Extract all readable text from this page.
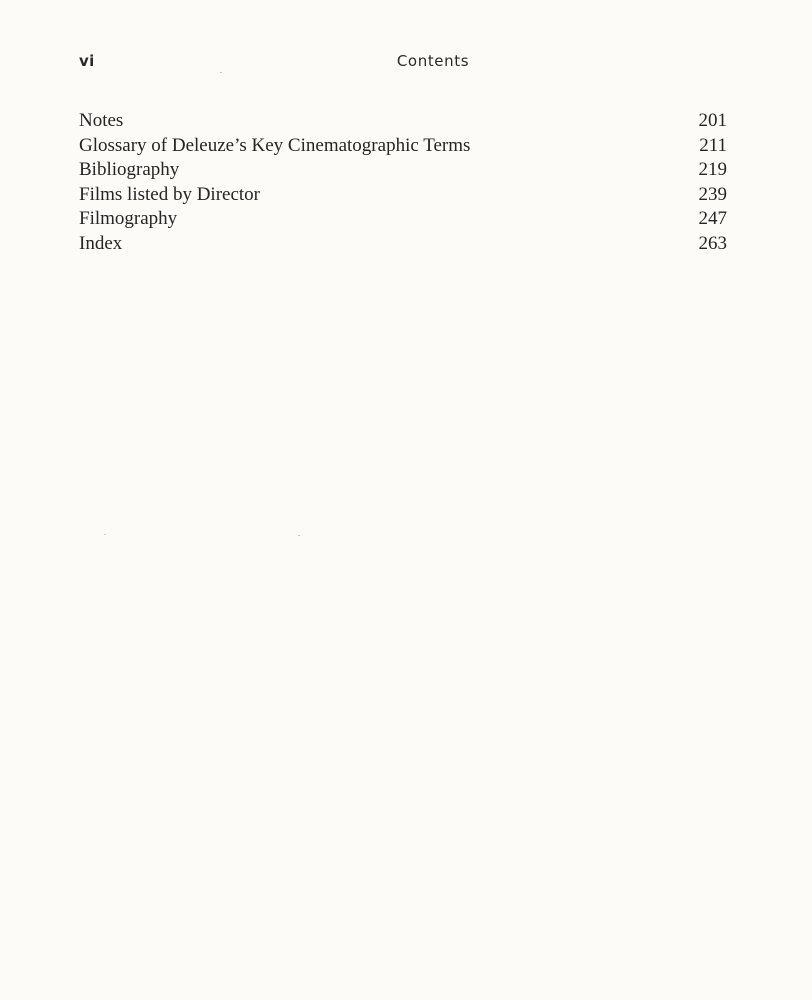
vi	Contents
Notes	201
Glossary of Deleuze’s Key Cinematographic Terms	211
Bibliography	219
Films listed by Director	239
Filmography	247
Index	263
